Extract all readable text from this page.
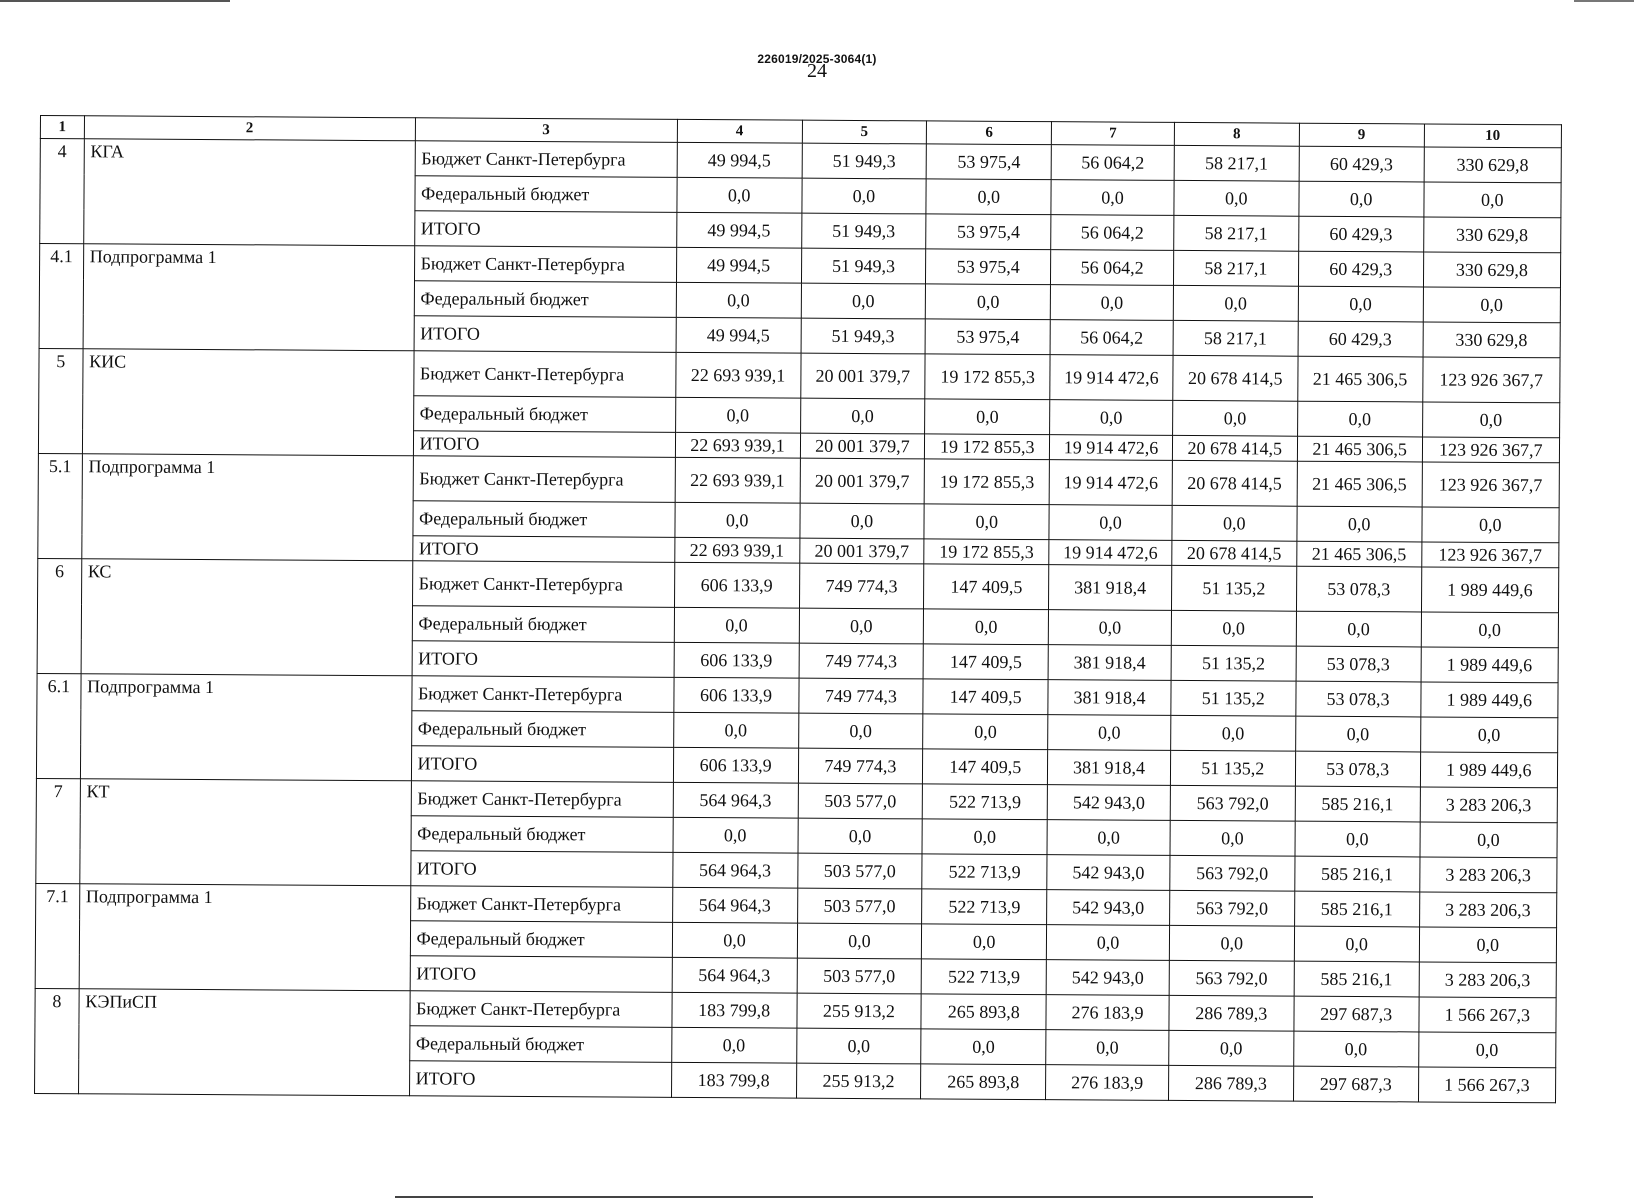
226019/2025-3064(1)
24
1	2	3	4	5	6	7	8	9	10
4	КГА	Бюджет Санкт-Петербурга	49 994,5	51 949,3	53 975,4	56 064,2	58 217,1	60 429,3	330 629,8
		Федеральный бюджет	0,0	0,0	0,0	0,0	0,0	0,0	0,0
		ИТОГО	49 994,5	51 949,3	53 975,4	56 064,2	58 217,1	60 429,3	330 629,8
4.1	Подпрограмма 1	Бюджет Санкт-Петербурга	49 994,5	51 949,3	53 975,4	56 064,2	58 217,1	60 429,3	330 629,8
		Федеральный бюджет	0,0	0,0	0,0	0,0	0,0	0,0	0,0
		ИТОГО	49 994,5	51 949,3	53 975,4	56 064,2	58 217,1	60 429,3	330 629,8
5	КИС	Бюджет Санкт-Петербурга	22 693 939,1	20 001 379,7	19 172 855,3	19 914 472,6	20 678 414,5	21 465 306,5	123 926 367,7
		Федеральный бюджет	0,0	0,0	0,0	0,0	0,0	0,0	0,0
		ИТОГО	22 693 939,1	20 001 379,7	19 172 855,3	19 914 472,6	20 678 414,5	21 465 306,5	123 926 367,7
5.1	Подпрограмма 1	Бюджет Санкт-Петербурга	22 693 939,1	20 001 379,7	19 172 855,3	19 914 472,6	20 678 414,5	21 465 306,5	123 926 367,7
		Федеральный бюджет	0,0	0,0	0,0	0,0	0,0	0,0	0,0
		ИТОГО	22 693 939,1	20 001 379,7	19 172 855,3	19 914 472,6	20 678 414,5	21 465 306,5	123 926 367,7
6	КС	Бюджет Санкт-Петербурга	606 133,9	749 774,3	147 409,5	381 918,4	51 135,2	53 078,3	1 989 449,6
		Федеральный бюджет	0,0	0,0	0,0	0,0	0,0	0,0	0,0
		ИТОГО	606 133,9	749 774,3	147 409,5	381 918,4	51 135,2	53 078,3	1 989 449,6
6.1	Подпрограмма 1	Бюджет Санкт-Петербурга	606 133,9	749 774,3	147 409,5	381 918,4	51 135,2	53 078,3	1 989 449,6
		Федеральный бюджет	0,0	0,0	0,0	0,0	0,0	0,0	0,0
		ИТОГО	606 133,9	749 774,3	147 409,5	381 918,4	51 135,2	53 078,3	1 989 449,6
7	КТ	Бюджет Санкт-Петербурга	564 964,3	503 577,0	522 713,9	542 943,0	563 792,0	585 216,1	3 283 206,3
		Федеральный бюджет	0,0	0,0	0,0	0,0	0,0	0,0	0,0
		ИТОГО	564 964,3	503 577,0	522 713,9	542 943,0	563 792,0	585 216,1	3 283 206,3
7.1	Подпрограмма 1	Бюджет Санкт-Петербурга	564 964,3	503 577,0	522 713,9	542 943,0	563 792,0	585 216,1	3 283 206,3
		Федеральный бюджет	0,0	0,0	0,0	0,0	0,0	0,0	0,0
		ИТОГО	564 964,3	503 577,0	522 713,9	542 943,0	563 792,0	585 216,1	3 283 206,3
8	КЭПиСП	Бюджет Санкт-Петербурга	183 799,8	255 913,2	265 893,8	276 183,9	286 789,3	297 687,3	1 566 267,3
		Федеральный бюджет	0,0	0,0	0,0	0,0	0,0	0,0	0,0
		ИТОГО	183 799,8	255 913,2	265 893,8	276 183,9	286 789,3	297 687,3	1 566 267,3
